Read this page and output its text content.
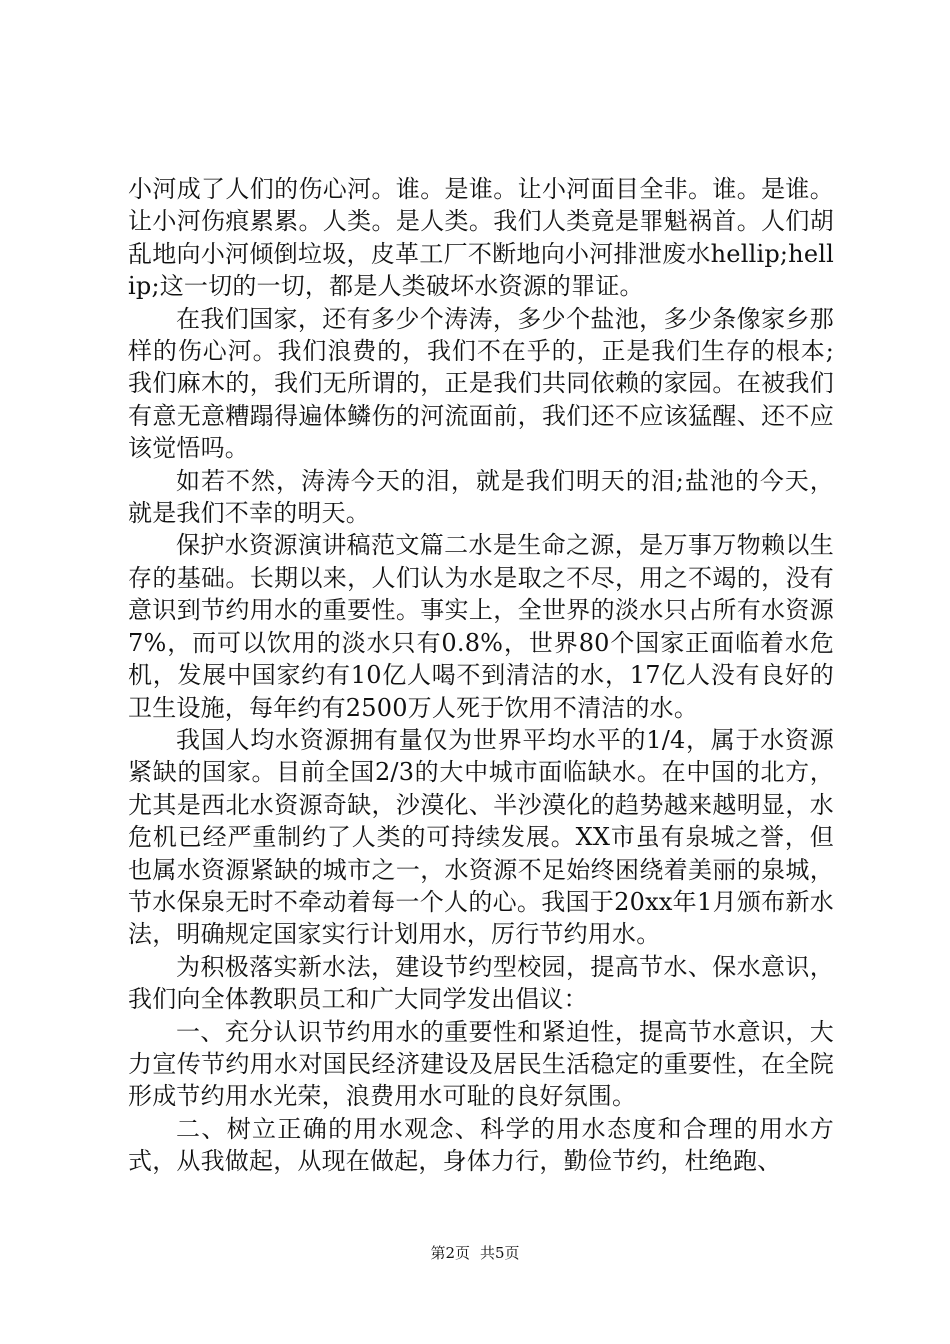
小河成了人们的伤心河。谁。是谁。让小河面目全非。谁。是谁。让小河伤痕累累。人类。是人类。我们人类竟是罪魁祸首。人们胡乱地向小河倾倒垃圾，皮革工厂不断地向小河排泄废水hellip;hellip;这一切的一切，都是人类破坏水资源的罪证。

在我们国家，还有多少个涛涛，多少个盐池，多少条像家乡那样的伤心河。我们浪费的，我们不在乎的，正是我们生存的根本;我们麻木的，我们无所谓的，正是我们共同依赖的家园。在被我们有意无意糟蹋得遍体鳞伤的河流面前，我们还不应该猛醒、还不应该觉悟吗。

如若不然，涛涛今天的泪，就是我们明天的泪;盐池的今天，就是我们不幸的明天。

保护水资源演讲稿范文篇二水是生命之源，是万事万物赖以生存的基础。长期以来，人们认为水是取之不尽，用之不竭的，没有意识到节约用水的重要性。事实上，全世界的淡水只占所有水资源7%，而可以饮用的淡水只有0.8%，世界80个国家正面临着水危机，发展中国家约有10亿人喝不到清洁的水，17亿人没有良好的卫生设施，每年约有2500万人死于饮用不清洁的水。

我国人均水资源拥有量仅为世界平均水平的1/4，属于水资源紧缺的国家。目前全国2/3的大中城市面临缺水。在中国的北方，尤其是西北水资源奇缺，沙漠化、半沙漠化的趋势越来越明显，水危机已经严重制约了人类的可持续发展。XX市虽有泉城之誉，但也属水资源紧缺的城市之一，水资源不足始终困绕着美丽的泉城，节水保泉无时不牵动着每一个人的心。我国于20xx年1月颁布新水法，明确规定国家实行计划用水，厉行节约用水。

为积极落实新水法，建设节约型校园，提高节水、保水意识，我们向全体教职员工和广大同学发出倡议：

一、充分认识节约用水的重要性和紧迫性，提高节水意识，大力宣传节约用水对国民经济建设及居民生活稳定的重要性，在全院形成节约用水光荣，浪费用水可耻的良好氛围。

二、树立正确的用水观念、科学的用水态度和合理的用水方式，从我做起，从现在做起，身体力行，勤俭节约，杜绝跑、

第2页 共5页
